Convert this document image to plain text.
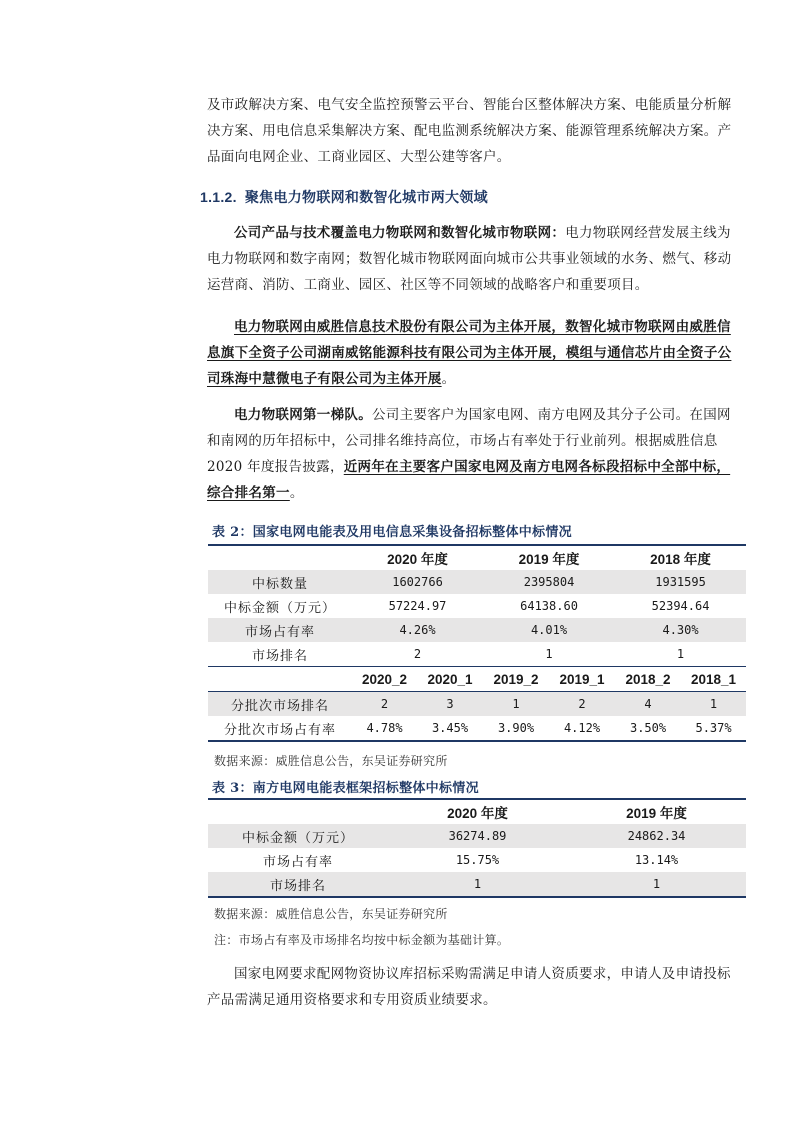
及市政解决方案、电气安全监控预警云平台、智能台区整体解决方案、电能质量分析解决方案、用电信息采集解决方案、配电监测系统解决方案、能源管理系统解决方案。产品面向电网企业、工商业园区、大型公建等客户。

1.1.2. 聚焦电力物联网和数智化城市两大领域

公司产品与技术覆盖电力物联网和数智化城市物联网：电力物联网经营发展主线为电力物联网和数字南网；数智化城市物联网面向城市公共事业领域的水务、燃气、移动运营商、消防、工商业、园区、社区等不同领域的战略客户和重要项目。

电力物联网由威胜信息技术股份有限公司为主体开展，数智化城市物联网由威胜信息旗下全资子公司湖南威铭能源科技有限公司为主体开展，模组与通信芯片由全资子公司珠海中慧微电子有限公司为主体开展。

电力物联网第一梯队。公司主要客户为国家电网、南方电网及其分子公司。在国网和南网的历年招标中，公司排名维持高位，市场占有率处于行业前列。根据威胜信息 2020 年度报告披露，近两年在主要客户国家电网及南方电网各标段招标中全部中标，综合排名第一。

表 2：国家电网电能表及用电信息采集设备招标整体中标情况
	2020 年度		2019 年度		2018 年度	
中标数量	1602766		2395804		1931595	
中标金额（万元）	57224.97		64138.60		52394.64	
市场占有率	4.26%		4.01%		4.30%	
市场排名	2		1		1	
	2020_2	2020_1	2019_2	2019_1	2018_2	2018_1
分批次市场排名	2	3	1	2	4	1
分批次市场占有率	4.78%	3.45%	3.90%	4.12%	3.50%	5.37%
数据来源：威胜信息公告，东吴证券研究所
表 3：南方电网电能表框架招标整体中标情况
	2020 年度	2019 年度
中标金额（万元）	36274.89	24862.34
市场占有率	15.75%	13.14%
市场排名	1	1
数据来源：威胜信息公告，东吴证券研究所
注：市场占有率及市场排名均按中标金额为基础计算。

国家电网要求配网物资协议库招标采购需满足申请人资质要求，申请人及申请投标产品需满足通用资格要求和专用资质业绩要求。
